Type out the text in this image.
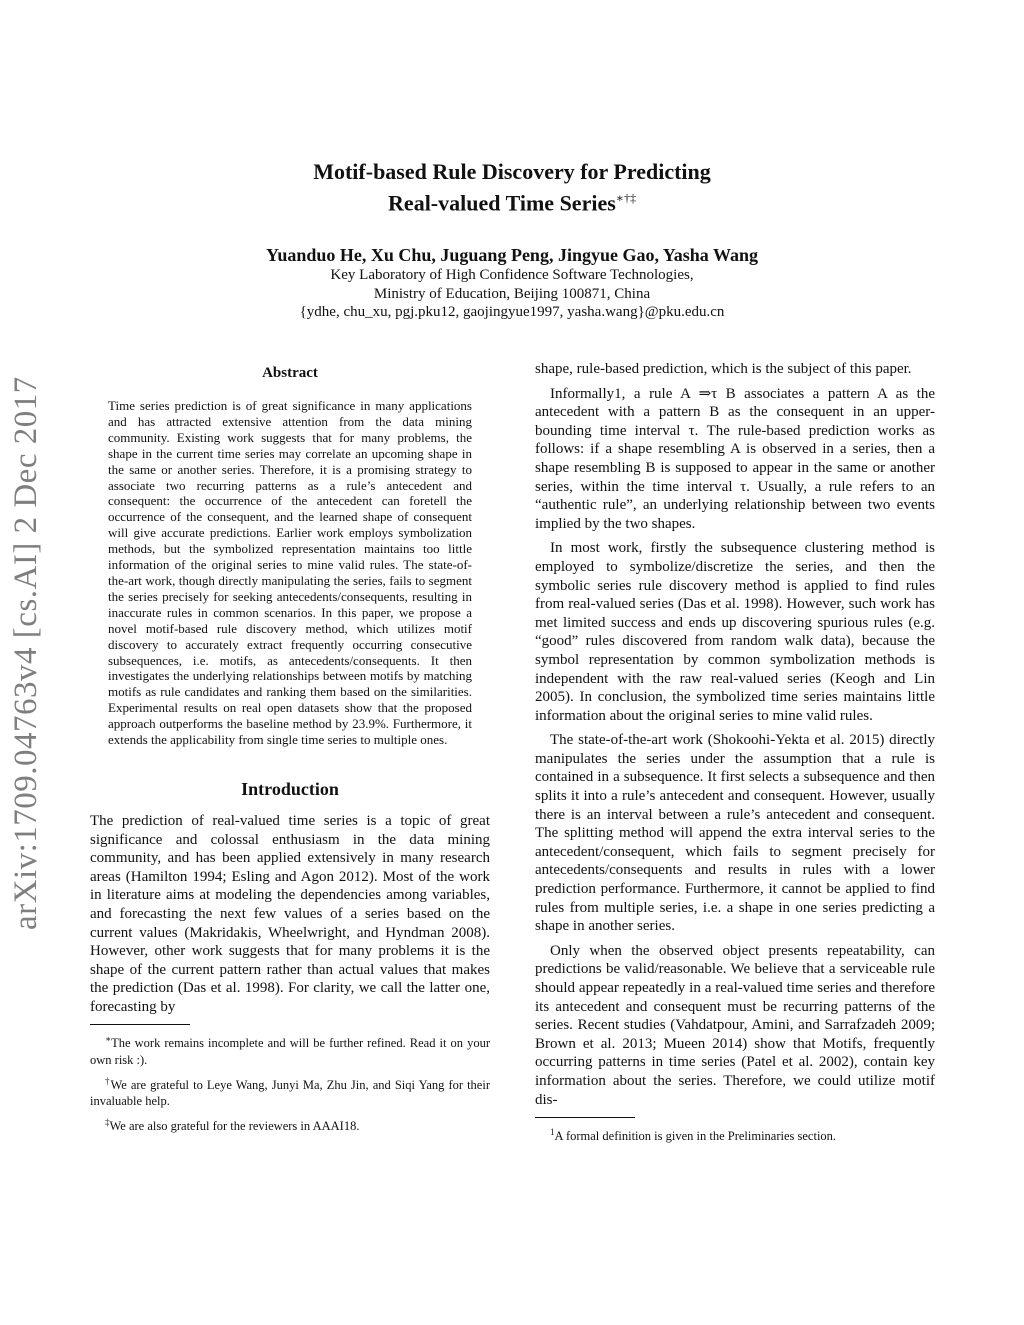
arXiv:1709.04763v4 [cs.AI] 2 Dec 2017
Motif-based Rule Discovery for Predicting
Real-valued Time Series∗†‡
Yuanduo He, Xu Chu, Juguang Peng, Jingyue Gao, Yasha Wang
Key Laboratory of High Confidence Software Technologies,
Ministry of Education, Beijing 100871, China
{ydhe, chu_xu, pgj.pku12, gaojingyue1997, yasha.wang}@pku.edu.cn
Abstract

Time series prediction is of great significance in many applications and has attracted extensive attention from the data mining community. Existing work suggests that for many problems, the shape in the current time series may correlate an upcoming shape in the same or another series. Therefore, it is a promising strategy to associate two recurring patterns as a rule’s antecedent and consequent: the occurrence of the antecedent can foretell the occurrence of the consequent, and the learned shape of consequent will give accurate predictions. Earlier work employs symbolization methods, but the symbolized representation maintains too little information of the original series to mine valid rules. The state-of-the-art work, though directly manipulating the series, fails to segment the series precisely for seeking antecedents/consequents, resulting in inaccurate rules in common scenarios. In this paper, we propose a novel motif-based rule discovery method, which utilizes motif discovery to accurately extract frequently occurring consecutive subsequences, i.e. motifs, as antecedents/consequents. It then investigates the underlying relationships between motifs by matching motifs as rule candidates and ranking them based on the similarities. Experimental results on real open datasets show that the proposed approach outperforms the baseline method by 23.9%. Furthermore, it extends the applicability from single time series to multiple ones.

Introduction

The prediction of real-valued time series is a topic of great significance and colossal enthusiasm in the data mining community, and has been applied extensively in many research areas (Hamilton 1994; Esling and Agon 2012). Most of the work in literature aims at modeling the dependencies among variables, and forecasting the next few values of a series based on the current values (Makridakis, Wheelwright, and Hyndman 2008). However, other work suggests that for many problems it is the shape of the current pattern rather than actual values that makes the prediction (Das et al. 1998). For clarity, we call the latter one, forecasting by

∗The work remains incomplete and will be further refined. Read it on your own risk :).

†We are grateful to Leye Wang, Junyi Ma, Zhu Jin, and Siqi Yang for their invaluable help.

‡We are also grateful for the reviewers in AAAI18.

shape, rule-based prediction, which is the subject of this paper.

Informally1, a rule A ⇒τ B associates a pattern A as the antecedent with a pattern B as the consequent in an upper-bounding time interval τ. The rule-based prediction works as follows: if a shape resembling A is observed in a series, then a shape resembling B is supposed to appear in the same or another series, within the time interval τ. Usually, a rule refers to an “authentic rule”, an underlying relationship between two events implied by the two shapes.

In most work, firstly the subsequence clustering method is employed to symbolize/discretize the series, and then the symbolic series rule discovery method is applied to find rules from real-valued series (Das et al. 1998). However, such work has met limited success and ends up discovering spurious rules (e.g. “good” rules discovered from random walk data), because the symbol representation by common symbolization methods is independent with the raw real-valued series (Keogh and Lin 2005). In conclusion, the symbolized time series maintains little information about the original series to mine valid rules.

The state-of-the-art work (Shokoohi-Yekta et al. 2015) directly manipulates the series under the assumption that a rule is contained in a subsequence. It first selects a subsequence and then splits it into a rule’s antecedent and consequent. However, usually there is an interval between a rule’s antecedent and consequent. The splitting method will append the extra interval series to the antecedent/consequent, which fails to segment precisely for antecedents/consequents and results in rules with a lower prediction performance. Furthermore, it cannot be applied to find rules from multiple series, i.e. a shape in one series predicting a shape in another series.

Only when the observed object presents repeatability, can predictions be valid/reasonable. We believe that a serviceable rule should appear repeatedly in a real-valued time series and therefore its antecedent and consequent must be recurring patterns of the series. Recent studies (Vahdatpour, Amini, and Sarrafzadeh 2009; Brown et al. 2013; Mueen 2014) show that Motifs, frequently occurring patterns in time series (Patel et al. 2002), contain key information about the series. Therefore, we could utilize motif dis-

$^1$A formal definition is given in the Preliminaries section.
